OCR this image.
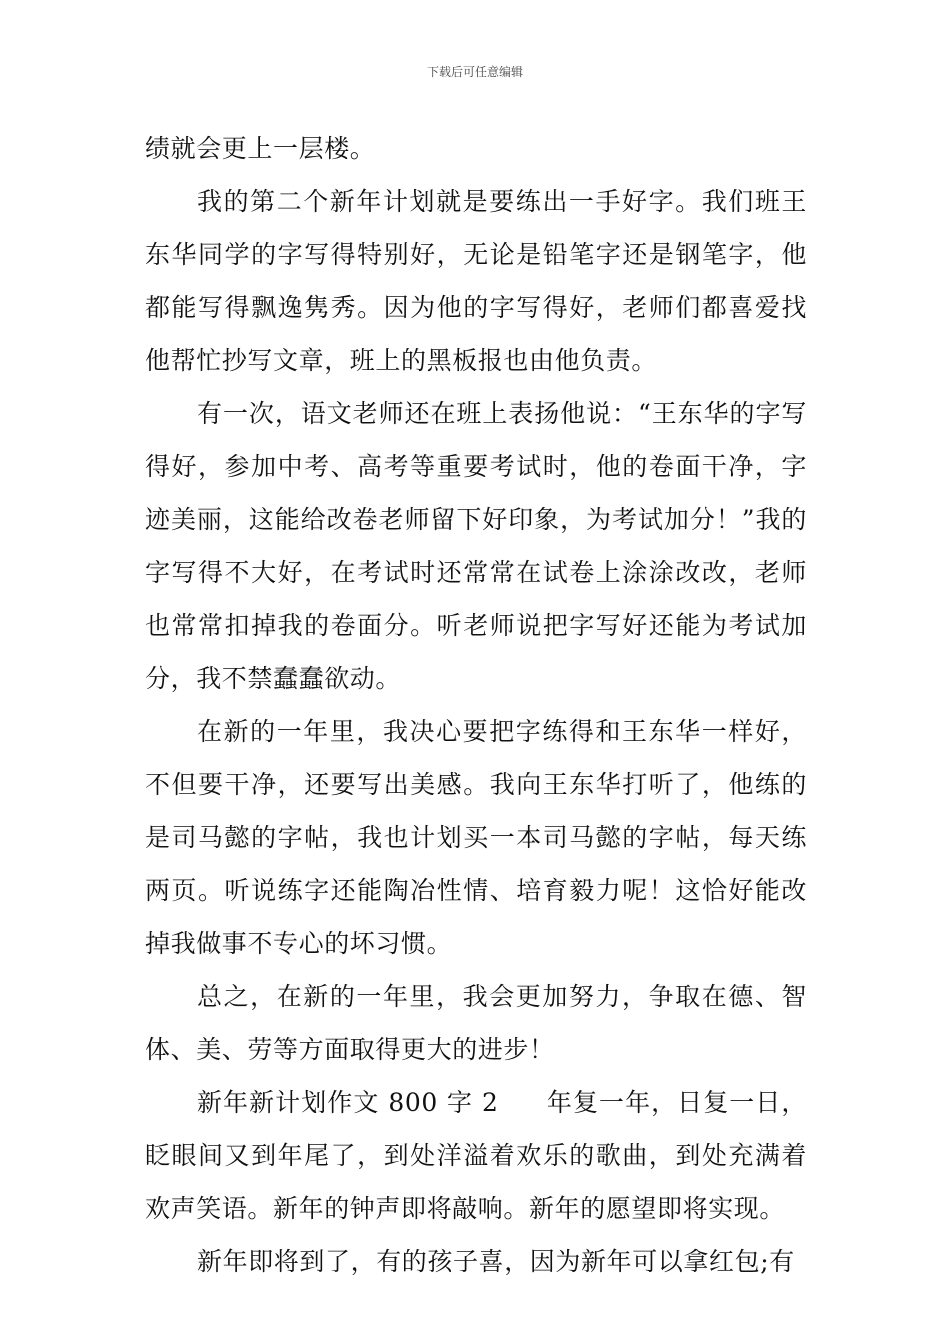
下载后可任意编辑

绩就会更上一层楼。

我的第二个新年计划就是要练出一手好字。我们班王东华同学的字写得特别好，无论是铅笔字还是钢笔字，他都能写得飘逸隽秀。因为他的字写得好，老师们都喜爱找他帮忙抄写文章，班上的黑板报也由他负责。

有一次，语文老师还在班上表扬他说：“王东华的字写得好，参加中考、高考等重要考试时，他的卷面干净，字迹美丽，这能给改卷老师留下好印象，为考试加分！”我的字写得不大好，在考试时还常常在试卷上涂涂改改，老师也常常扣掉我的卷面分。听老师说把字写好还能为考试加分，我不禁蠢蠢欲动。

在新的一年里，我决心要把字练得和王东华一样好，不但要干净，还要写出美感。我向王东华打听了，他练的是司马懿的字帖，我也计划买一本司马懿的字帖，每天练两页。听说练字还能陶冶性情、培育毅力呢！这恰好能改掉我做事不专心的坏习惯。

总之，在新的一年里，我会更加努力，争取在德、智体、美、劳等方面取得更大的进步！

新年新计划作文 800 字 2 年复一年，日复一日，眨眼间又到年尾了，到处洋溢着欢乐的歌曲，到处充满着欢声笑语。新年的钟声即将敲响。新年的愿望即将实现。

新年即将到了，有的孩子喜，因为新年可以拿红包;有
